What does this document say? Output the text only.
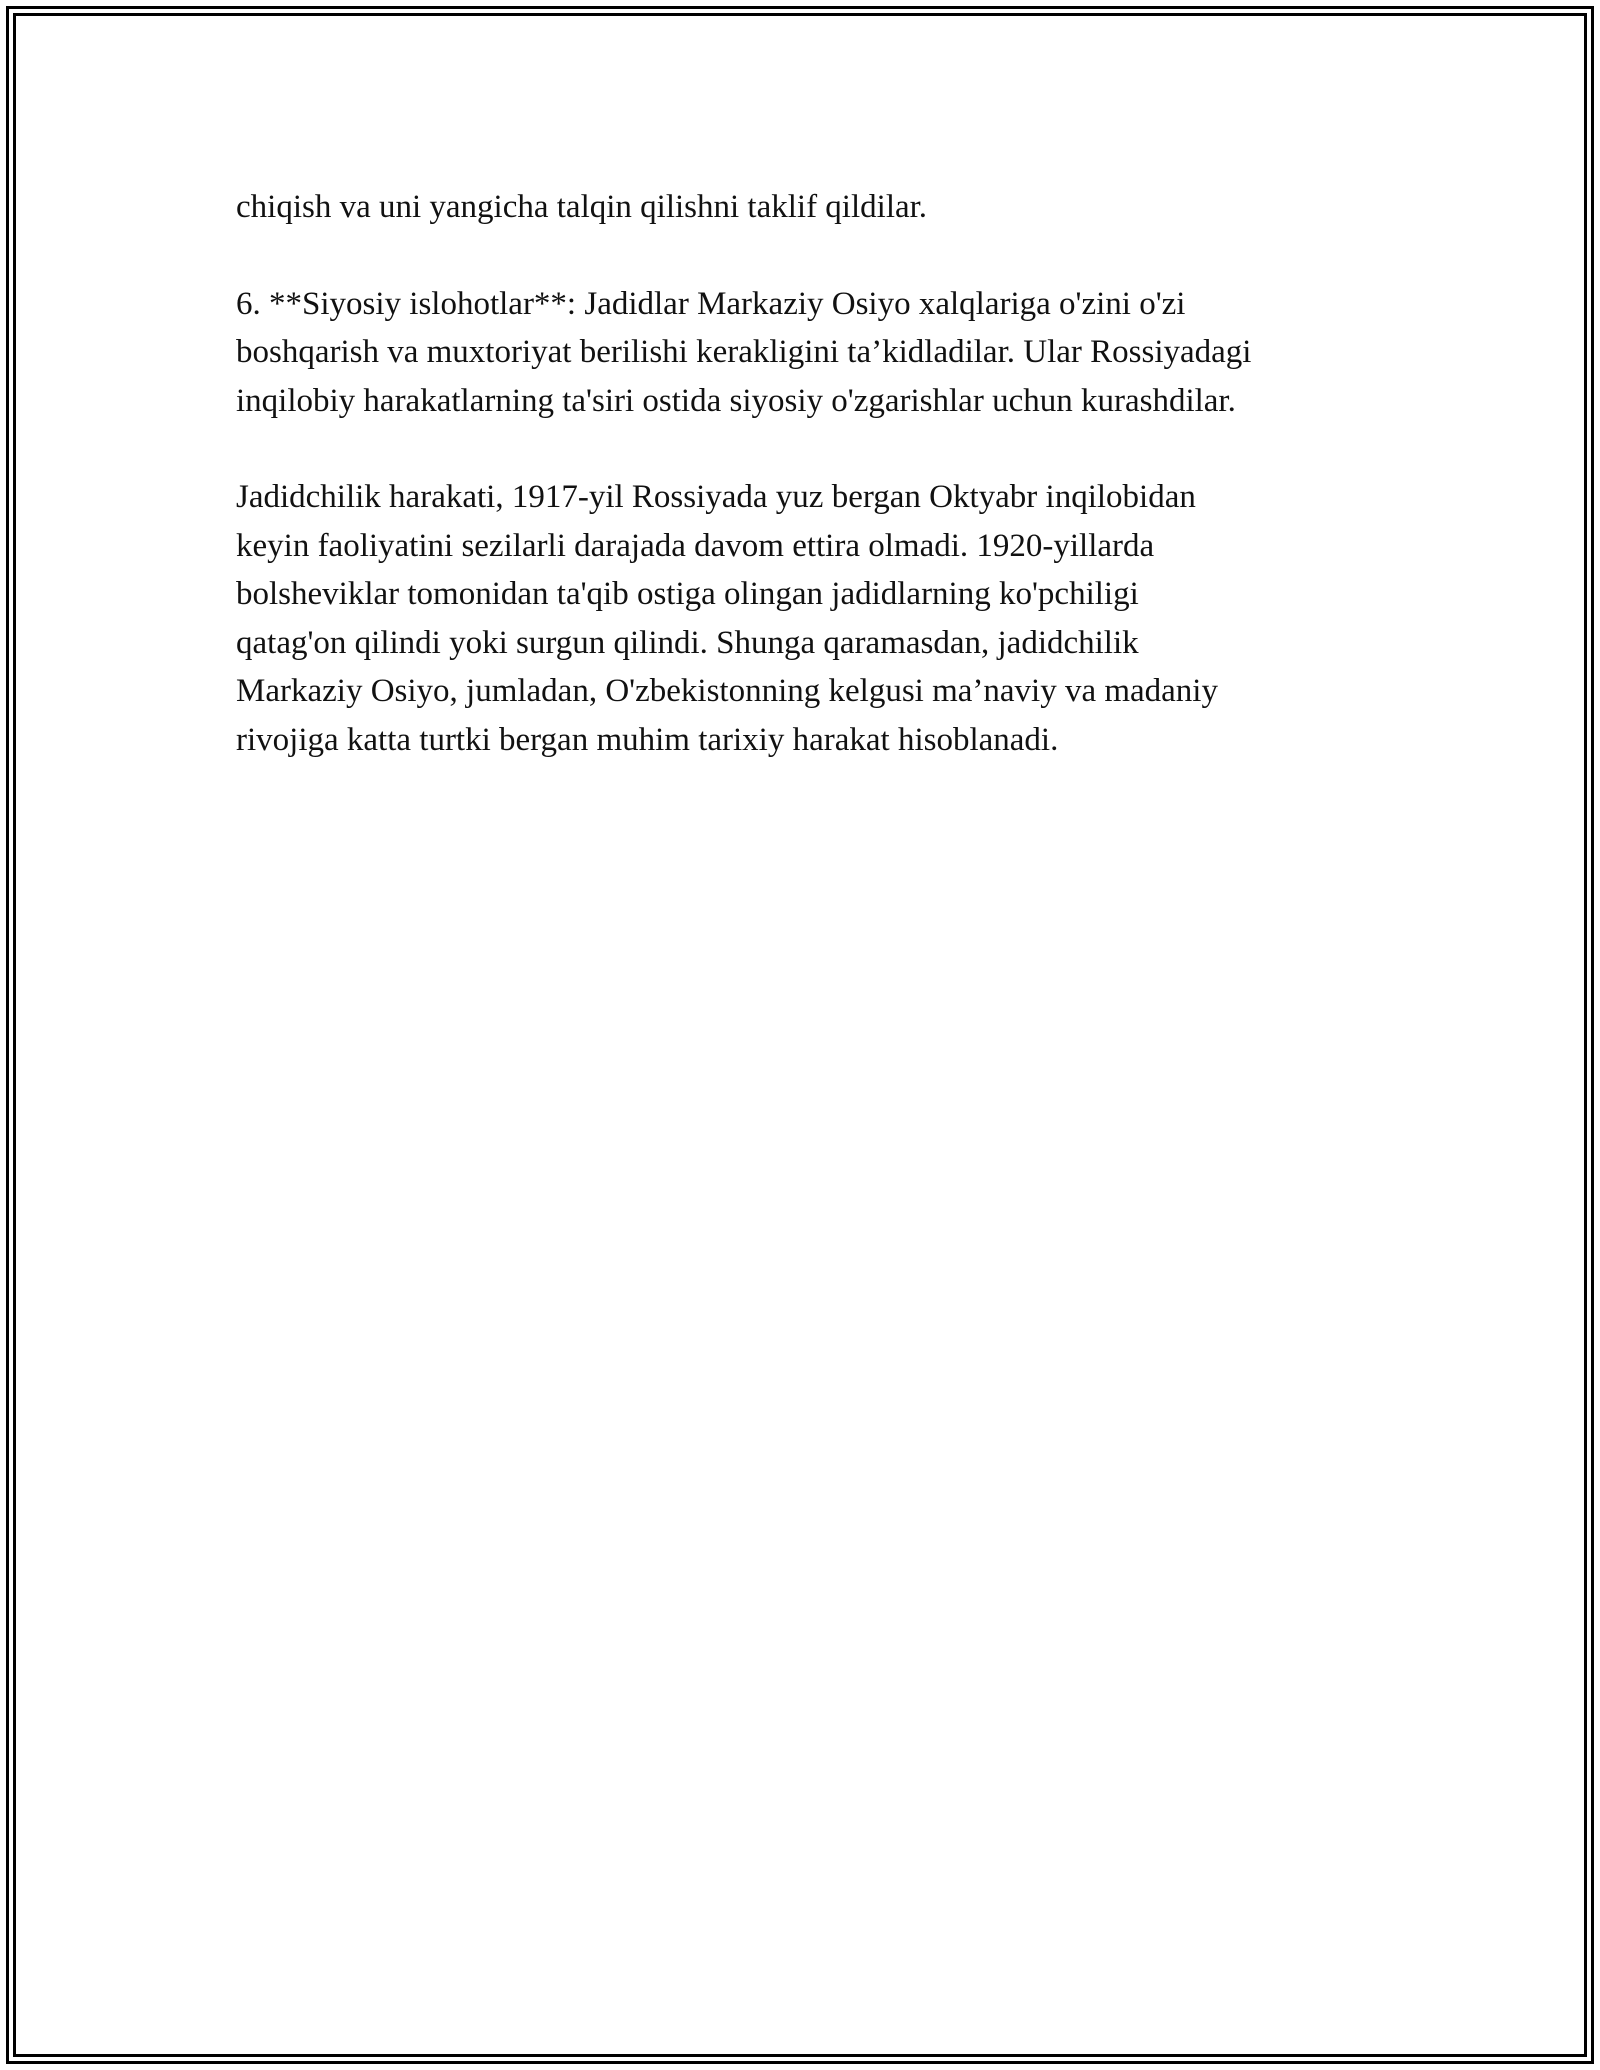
chiqish va uni yangicha talqin qilishni taklif qildilar.

6. **Siyosiy islohotlar**: Jadidlar Markaziy Osiyo xalqlariga o'zini o'zi
boshqarish va muxtoriyat berilishi kerakligini ta’kidladilar. Ular Rossiyadagi
inqilobiy harakatlarning ta'siri ostida siyosiy o'zgarishlar uchun kurashdilar.

Jadidchilik harakati, 1917-yil Rossiyada yuz bergan Oktyabr inqilobidan
keyin faoliyatini sezilarli darajada davom ettira olmadi. 1920-yillarda
bolsheviklar tomonidan ta'qib ostiga olingan jadidlarning ko'pchiligi
qatag'on qilindi yoki surgun qilindi. Shunga qaramasdan, jadidchilik
Markaziy Osiyo, jumladan, O'zbekistonning kelgusi ma’naviy va madaniy
rivojiga katta turtki bergan muhim tarixiy harakat hisoblanadi.
